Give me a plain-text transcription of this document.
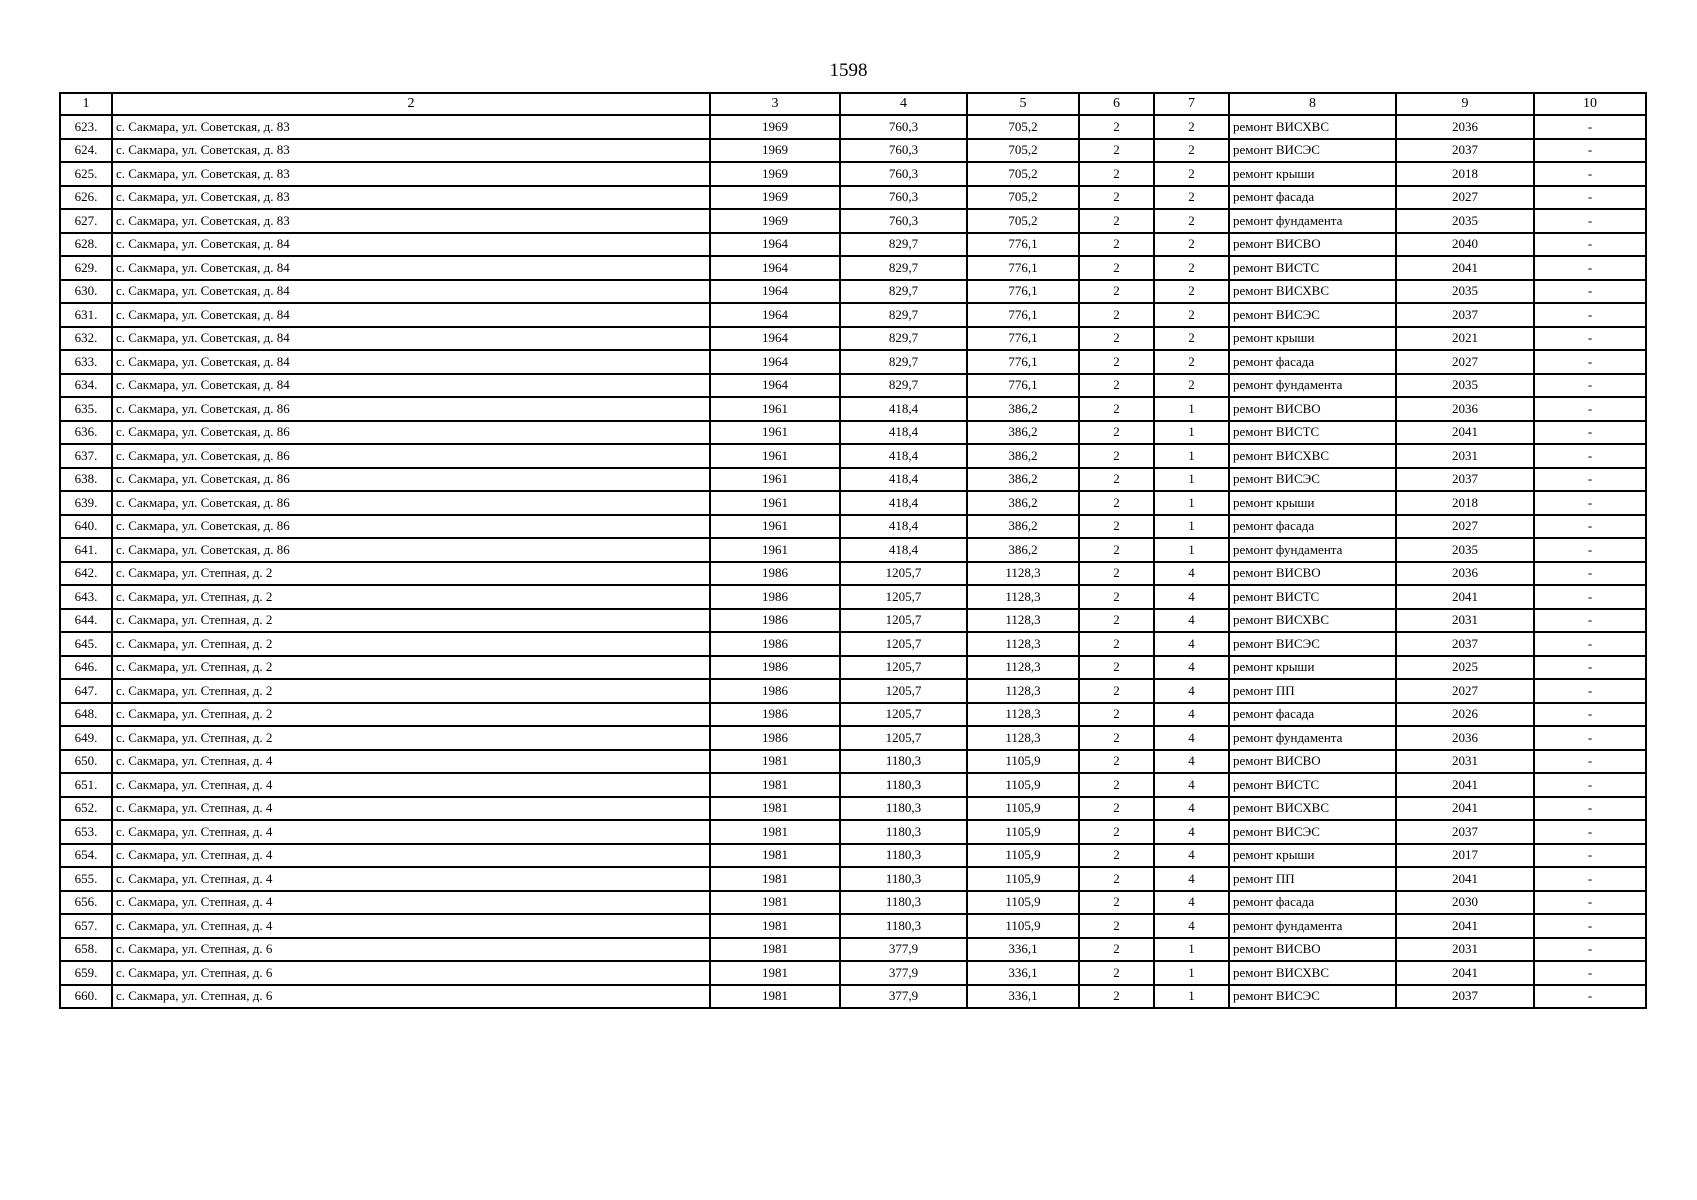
1598
1	2	3	4	5	6	7	8	9	10
623.	с. Сакмара, ул. Советская, д. 83	1969	760,3	705,2	2	2	ремонт ВИСХВС	2036	-
624.	с. Сакмара, ул. Советская, д. 83	1969	760,3	705,2	2	2	ремонт ВИСЭС	2037	-
625.	с. Сакмара, ул. Советская, д. 83	1969	760,3	705,2	2	2	ремонт крыши	2018	-
626.	с. Сакмара, ул. Советская, д. 83	1969	760,3	705,2	2	2	ремонт фасада	2027	-
627.	с. Сакмара, ул. Советская, д. 83	1969	760,3	705,2	2	2	ремонт фундамента	2035	-
628.	с. Сакмара, ул. Советская, д. 84	1964	829,7	776,1	2	2	ремонт ВИСВО	2040	-
629.	с. Сакмара, ул. Советская, д. 84	1964	829,7	776,1	2	2	ремонт ВИСТС	2041	-
630.	с. Сакмара, ул. Советская, д. 84	1964	829,7	776,1	2	2	ремонт ВИСХВС	2035	-
631.	с. Сакмара, ул. Советская, д. 84	1964	829,7	776,1	2	2	ремонт ВИСЭС	2037	-
632.	с. Сакмара, ул. Советская, д. 84	1964	829,7	776,1	2	2	ремонт крыши	2021	-
633.	с. Сакмара, ул. Советская, д. 84	1964	829,7	776,1	2	2	ремонт фасада	2027	-
634.	с. Сакмара, ул. Советская, д. 84	1964	829,7	776,1	2	2	ремонт фундамента	2035	-
635.	с. Сакмара, ул. Советская, д. 86	1961	418,4	386,2	2	1	ремонт ВИСВО	2036	-
636.	с. Сакмара, ул. Советская, д. 86	1961	418,4	386,2	2	1	ремонт ВИСТС	2041	-
637.	с. Сакмара, ул. Советская, д. 86	1961	418,4	386,2	2	1	ремонт ВИСХВС	2031	-
638.	с. Сакмара, ул. Советская, д. 86	1961	418,4	386,2	2	1	ремонт ВИСЭС	2037	-
639.	с. Сакмара, ул. Советская, д. 86	1961	418,4	386,2	2	1	ремонт крыши	2018	-
640.	с. Сакмара, ул. Советская, д. 86	1961	418,4	386,2	2	1	ремонт фасада	2027	-
641.	с. Сакмара, ул. Советская, д. 86	1961	418,4	386,2	2	1	ремонт фундамента	2035	-
642.	с. Сакмара, ул. Степная, д. 2	1986	1205,7	1128,3	2	4	ремонт ВИСВО	2036	-
643.	с. Сакмара, ул. Степная, д. 2	1986	1205,7	1128,3	2	4	ремонт ВИСТС	2041	-
644.	с. Сакмара, ул. Степная, д. 2	1986	1205,7	1128,3	2	4	ремонт ВИСХВС	2031	-
645.	с. Сакмара, ул. Степная, д. 2	1986	1205,7	1128,3	2	4	ремонт ВИСЭС	2037	-
646.	с. Сакмара, ул. Степная, д. 2	1986	1205,7	1128,3	2	4	ремонт крыши	2025	-
647.	с. Сакмара, ул. Степная, д. 2	1986	1205,7	1128,3	2	4	ремонт ПП	2027	-
648.	с. Сакмара, ул. Степная, д. 2	1986	1205,7	1128,3	2	4	ремонт фасада	2026	-
649.	с. Сакмара, ул. Степная, д. 2	1986	1205,7	1128,3	2	4	ремонт фундамента	2036	-
650.	с. Сакмара, ул. Степная, д. 4	1981	1180,3	1105,9	2	4	ремонт ВИСВО	2031	-
651.	с. Сакмара, ул. Степная, д. 4	1981	1180,3	1105,9	2	4	ремонт ВИСТС	2041	-
652.	с. Сакмара, ул. Степная, д. 4	1981	1180,3	1105,9	2	4	ремонт ВИСХВС	2041	-
653.	с. Сакмара, ул. Степная, д. 4	1981	1180,3	1105,9	2	4	ремонт ВИСЭС	2037	-
654.	с. Сакмара, ул. Степная, д. 4	1981	1180,3	1105,9	2	4	ремонт крыши	2017	-
655.	с. Сакмара, ул. Степная, д. 4	1981	1180,3	1105,9	2	4	ремонт ПП	2041	-
656.	с. Сакмара, ул. Степная, д. 4	1981	1180,3	1105,9	2	4	ремонт фасада	2030	-
657.	с. Сакмара, ул. Степная, д. 4	1981	1180,3	1105,9	2	4	ремонт фундамента	2041	-
658.	с. Сакмара, ул. Степная, д. 6	1981	377,9	336,1	2	1	ремонт ВИСВО	2031	-
659.	с. Сакмара, ул. Степная, д. 6	1981	377,9	336,1	2	1	ремонт ВИСХВС	2041	-
660.	с. Сакмара, ул. Степная, д. 6	1981	377,9	336,1	2	1	ремонт ВИСЭС	2037	-
